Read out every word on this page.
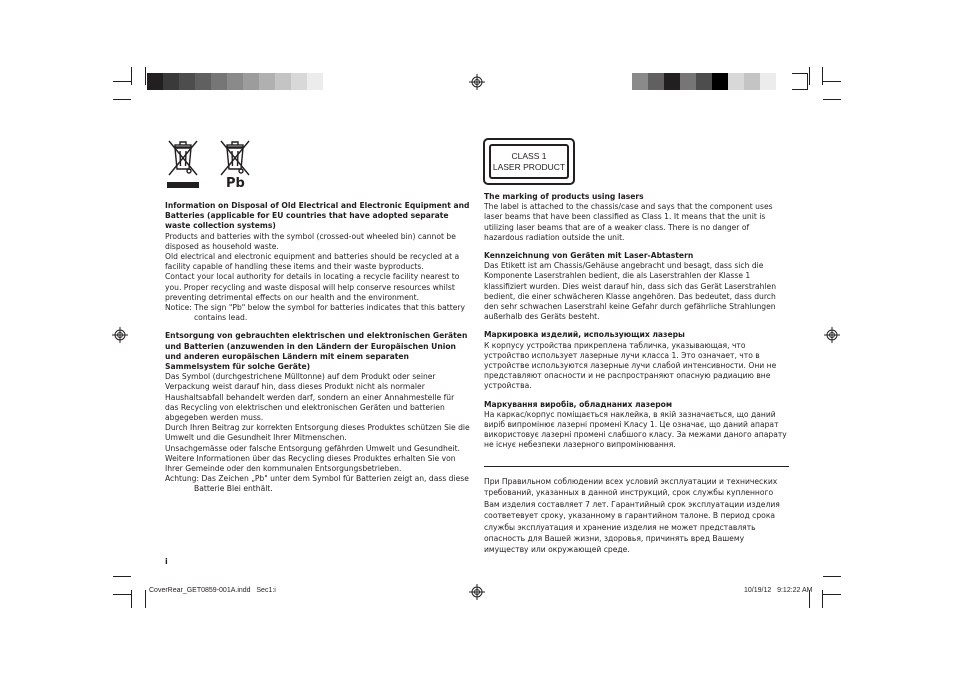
Pb

Information on Disposal of Old Electrical and Electronic Equipment and Batteries (applicable for EU countries that have adopted separate waste collection systems)

Products and batteries with the symbol (crossed-out wheeled bin) cannot be disposed as household waste.

Old electrical and electronic equipment and batteries should be recycled at a facility capable of handling these items and their waste byproducts.

Contact your local authority for details in locating a recycle facility nearest to you. Proper recycling and waste disposal will help conserve resources whilst preventing detrimental effects on our health and the environment.

Notice: The sign "Pb" below the symbol for batteries indicates that this battery contains lead.

Entsorgung von gebrauchten elektrischen und elektronischen Geräten und Batterien (anzuwenden in den Ländern der Europäischen Union und anderen europäischen Ländern mit einem separaten Sammelsystem für solche Geräte)

Das Symbol (durchgestrichene Mülltonne) auf dem Produkt oder seiner Verpackung weist darauf hin, dass dieses Produkt nicht als normaler Haushaltsabfall behandelt werden darf, sondern an einer Annahmestelle für das Recycling von elektrischen und elektronischen Geräten und batterien abgegeben werden muss.

Durch Ihren Beitrag zur korrekten Entsorgung dieses Produktes schützen Sie die Umwelt und die Gesundheit Ihrer Mitmenschen.

Unsachgemässe oder falsche Entsorgung gefährden Umwelt und Gesundheit. Weitere Informationen über das Recycling dieses Produktes erhalten Sie von Ihrer Gemeinde oder den kommunalen Entsorgungsbetrieben.

Achtung: Das Zeichen „Pb" unter dem Symbol für Batterien zeigt an, dass diese Batterie Blei enthält.

CLASS 1
LASER PRODUCT

The marking of products using lasers

The label is attached to the chassis/case and says that the component uses laser beams that have been classified as Class 1. It means that the unit is utilizing laser beams that are of a weaker class. There is no danger of hazardous radiation outside the unit.

Kennzeichnung von Geräten mit Laser-Abtastern

Das Etikett ist am Chassis/Gehäuse angebracht und besagt, dass sich die Komponente Laserstrahlen bedient, die als Laserstrahlen der Klasse 1 klassifiziert wurden. Dies weist darauf hin, dass sich das Gerät Laserstrahlen bedient, die einer schwächeren Klasse angehören. Das bedeutet, dass durch den sehr schwachen Laserstrahl keine Gefahr durch gefährliche Strahlungen außerhalb des Geräts besteht.

Маркировка изделий, использующих лазеры

К корпусу устройства прикреплена табличка, указывающая, что устройство использует лазерные лучи класса 1. Это означает, что в устройстве используются лазерные лучи слабой интенсивности. Они не представляют опасности и не распространяют опасную радиацию вне устройства.

Маркування виробів, обладнаних лазером

На каркас/корпус поміщається наклейка, в якій зазначається, що даний виріб випромінює лазерні промені Класу 1. Це означає, що даний апарат використовує лазерні промені слабшого класу. За межами даного апарату не існує небезпеки лазерного випромінювання.

При Правильном соблюдении всех условий эксплуатации и технических требований, указанных в данной инструкций, срок службы купленного Вам изделия составляет 7 лет. Гарантийный срок эксплуатации изделия соответевует сроку, указанному в гарантийном талоне. В период срока службы эксплуатация и хранение изделия не может представлять опасность для Вашей жизни, здоровья, причинять вред Вашему имуществу или окружающей среде.

i
CoverRear_GET0859-001A.indd   Sec1:i	10/19/12   9:12:22 AM
